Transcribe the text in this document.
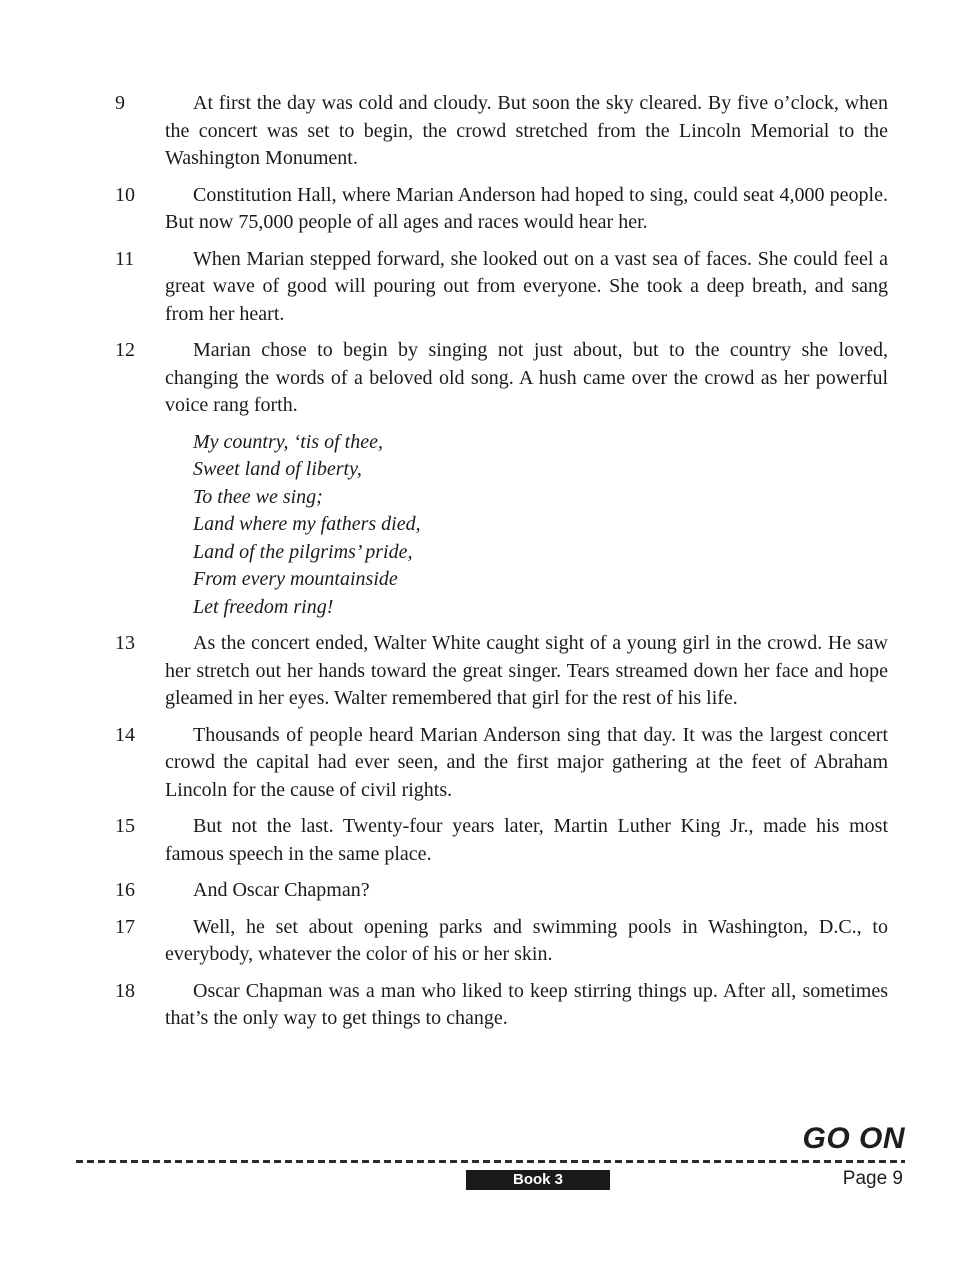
9	At first the day was cold and cloudy. But soon the sky cleared. By five o’clock, when the concert was set to begin, the crowd stretched from the Lincoln Memorial to the Washington Monument.
10	Constitution Hall, where Marian Anderson had hoped to sing, could seat 4,000 people. But now 75,000 people of all ages and races would hear her.
11	When Marian stepped forward, she looked out on a vast sea of faces. She could feel a great wave of good will pouring out from everyone. She took a deep breath, and sang from her heart.
12	Marian chose to begin by singing not just about, but to the country she loved, changing the words of a beloved old song. A hush came over the crowd as her powerful voice rang forth.
My country, ‘tis of thee,
Sweet land of liberty,
To thee we sing;
Land where my fathers died,
Land of the pilgrims’ pride,
From every mountainside
Let freedom ring!
13	As the concert ended, Walter White caught sight of a young girl in the crowd. He saw her stretch out her hands toward the great singer. Tears streamed down her face and hope gleamed in her eyes. Walter remembered that girl for the rest of his life.
14	Thousands of people heard Marian Anderson sing that day. It was the largest concert crowd the capital had ever seen, and the first major gathering at the feet of Abraham Lincoln for the cause of civil rights.
15	But not the last. Twenty-four years later, Martin Luther King Jr., made his most famous speech in the same place.
16	And Oscar Chapman?
17	Well, he set about opening parks and swimming pools in Washington, D.C., to everybody, whatever the color of his or her skin.
18	Oscar Chapman was a man who liked to keep stirring things up. After all, sometimes that’s the only way to get things to change.
GO ON
Book 3	Page 9
